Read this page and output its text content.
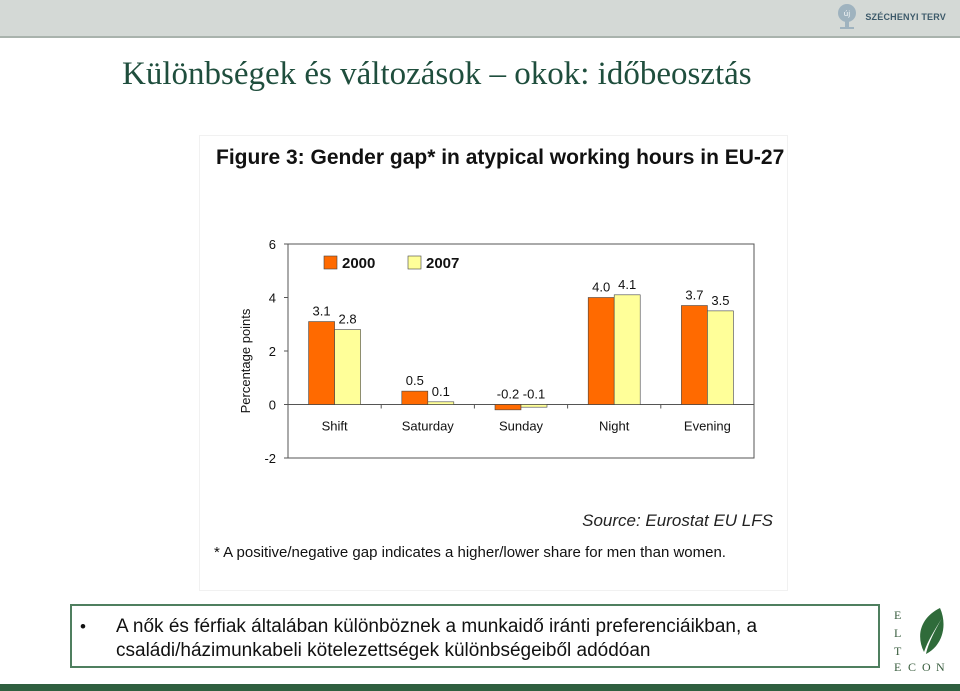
új SZÉCHENYI TERV
Különbségek és változások – okok: időbeosztás
Figure 3: Gender gap* in atypical working hours in EU-27
-2
0
2
4
6
Percentage points	3.1
2.8
Shift
0.5
0.1
Saturday
-0.2 -0.1
Sunday
4.0 4.1
Night
3.7 3.5
Evening
2000	2007
Source: Eurostat EU LFS
* A positive/negative gap indicates a higher/lower share for men than women.
• A nők és férfiak általában különböznek a munkaidő iránti preferenciáikban, a családi/házimunkabeli kötelezettségek különbségeiből adódóan

E
L
T
E C O N
